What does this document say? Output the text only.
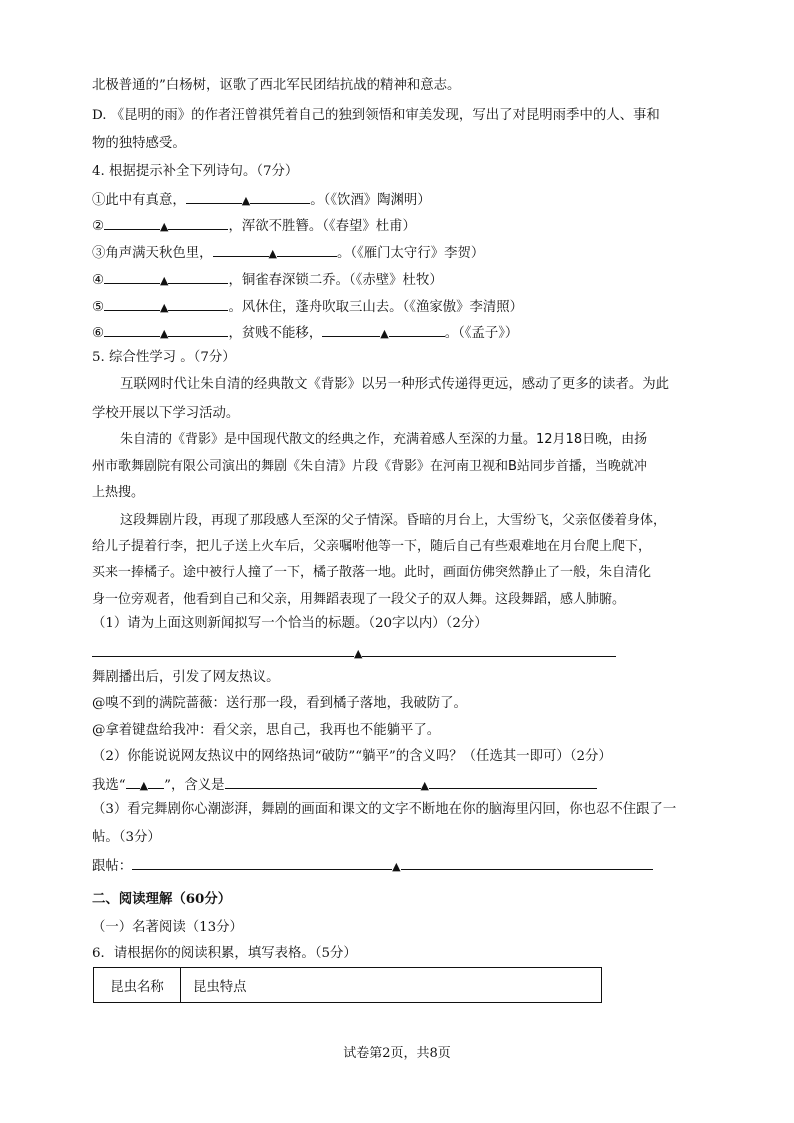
北极普通的”白杨树，讴歌了西北军民团结抗战的精神和意志。
D. 《昆明的雨》的作者汪曾祺凭着自己的独到领悟和审美发现，写出了对昆明雨季中的人、事和
物的独特感受。
4. 根据提示补全下列诗句。（7分）
①此中有真意，	▲	。（《饮酒》陶渊明）
②	▲	，浑欲不胜簪。（《春望》杜甫）
③角声满天秋色里，	▲	。（《雁门太守行》李贺）
④	▲	，铜雀春深锁二乔。（《赤壁》杜牧）
⑤	▲	。风休住，蓬舟吹取三山去。（《渔家傲》李清照）
⑥	▲	，贫贱不能移，	▲	。（《孟子》）
5. 综合性学习 。（7分）
互联网时代让朱自清的经典散文《背影》以另一种形式传递得更远，感动了更多的读者。为此
学校开展以下学习活动。
朱自清的《背影》是中国现代散文的经典之作，充满着感人至深的力量。12月18日晚，由扬
州市歌舞剧院有限公司演出的舞剧《朱自清》片段《背影》在河南卫视和B站同步首播，当晚就冲
上热搜。
这段舞剧片段，再现了那段感人至深的父子情深。昏暗的月台上，大雪纷飞，父亲伛偻着身体，
给儿子提着行李，把儿子送上火车后，父亲嘱咐他等一下，随后自己有些艰难地在月台爬上爬下，
买来一捧橘子。途中被行人撞了一下，橘子散落一地。此时，画面仿佛突然静止了一般，朱自清化
身一位旁观者，他看到自己和父亲，用舞蹈表现了一段父子的双人舞。这段舞蹈，感人肺腑。
（1）请为上面这则新闻拟写一个恰当的标题。（20字以内）（2分）
▲
舞剧播出后，引发了网友热议。
@嗅不到的满院蔷薇：送行那一段，看到橘子落地，我破防了。
@拿着键盘给我冲：看父亲，思自己，我再也不能躺平了。
（2）你能说说网友热议中的网络热词“破防”“躺平”的含义吗？（任选其一即可）（2分）
我选“ ▲ ”，含义是	▲
（3）看完舞剧你心潮澎湃，舞剧的画面和课文的文字不断地在你的脑海里闪回，你也忍不住跟了一
帖。（3分）
跟帖：	▲
二、阅读理解（60分）
（一）名著阅读（13分）
6．请根据你的阅读积累，填写表格。（5分）
昆虫名称	昆虫特点
试卷第2页，共8页
